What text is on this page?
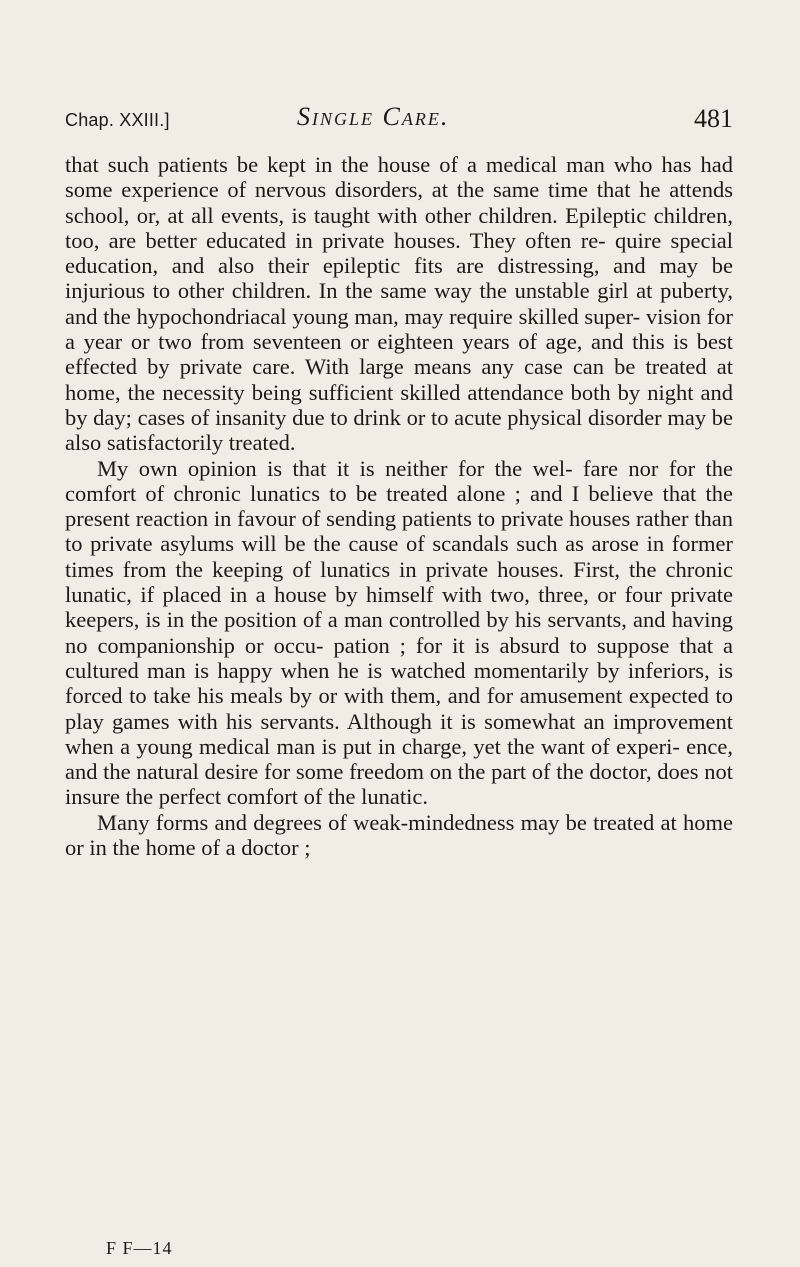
Chap. XXIII.]	Single Care.	481

that such patients be kept in the house of a medical man who has had some experience of nervous disorders, at the same time that he attends school, or, at all events, is taught with other children. Epileptic children, too, are better educated in private houses. They often re- quire special education, and also their epileptic fits are distressing, and may be injurious to other children. In the same way the unstable girl at puberty, and the hypochondriacal young man, may require skilled super- vision for a year or two from seventeen or eighteen years of age, and this is best effected by private care. With large means any case can be treated at home, the necessity being sufficient skilled attendance both by night and by day; cases of insanity due to drink or to acute physical disorder may be also satisfactorily treated.

My own opinion is that it is neither for the wel- fare nor for the comfort of chronic lunatics to be treated alone ; and I believe that the present reaction in favour of sending patients to private houses rather than to private asylums will be the cause of scandals such as arose in former times from the keeping of lunatics in private houses. First, the chronic lunatic, if placed in a house by himself with two, three, or four private keepers, is in the position of a man controlled by his servants, and having no companionship or occu- pation ; for it is absurd to suppose that a cultured man is happy when he is watched momentarily by inferiors, is forced to take his meals by or with them, and for amusement expected to play games with his servants. Although it is somewhat an improvement when a young medical man is put in charge, yet the want of experi- ence, and the natural desire for some freedom on the part of the doctor, does not insure the perfect comfort of the lunatic.

Many forms and degrees of weak-mindedness may be treated at home or in the home of a doctor ;

F F—14
